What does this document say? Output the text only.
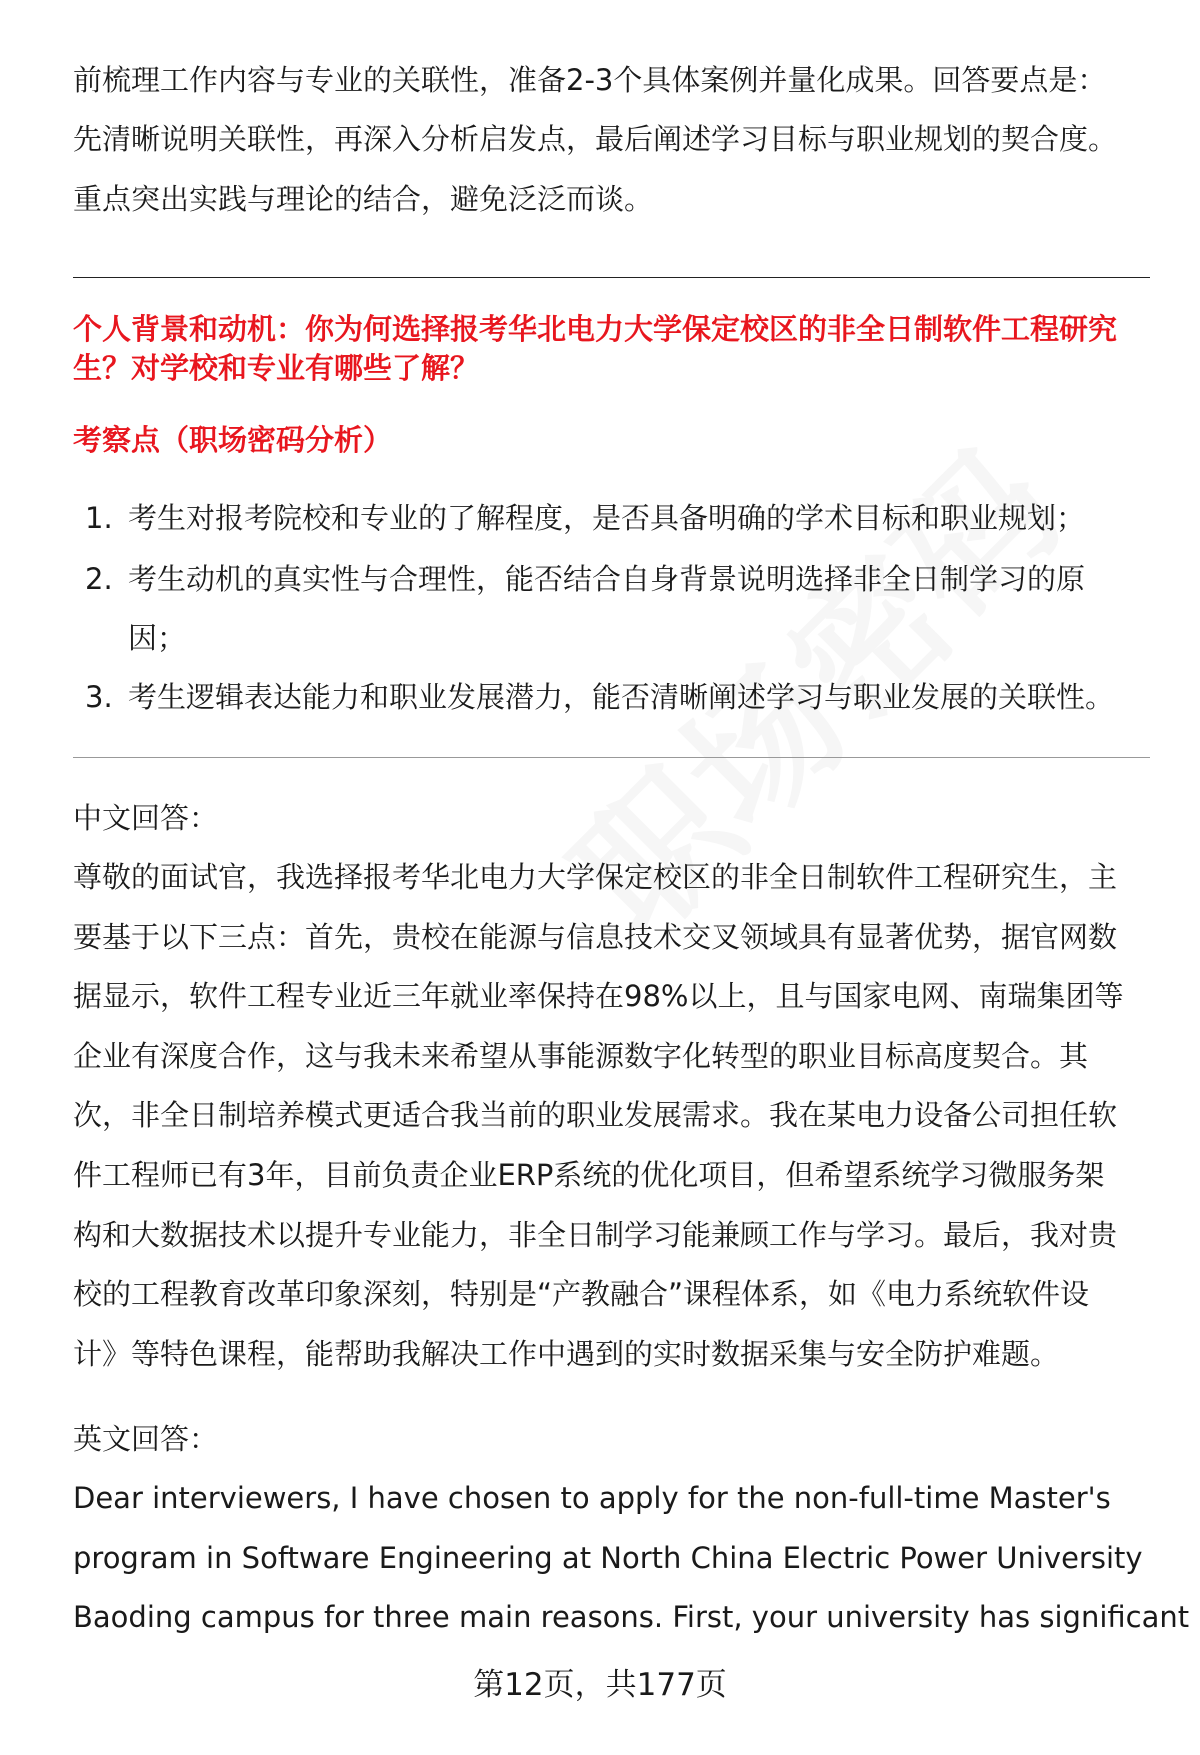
前梳理工作内容与专业的关联性，准备2-3个具体案例并量化成果。回答要点是：
先清晰说明关联性，再深入分析启发点，最后阐述学习目标与职业规划的契合度。
重点突出实践与理论的结合，避免泛泛而谈。
个人背景和动机：你为何选择报考华北电力大学保定校区的非全日制软件工程研究
生？对学校和专业有哪些了解？
考察点（职场密码分析）
1. 考生对报考院校和专业的了解程度，是否具备明确的学术目标和职业规划；
2. 考生动机的真实性与合理性，能否结合自身背景说明选择非全日制学习的原
因；
3. 考生逻辑表达能力和职业发展潜力，能否清晰阐述学习与职业发展的关联性。
中文回答：
尊敬的面试官，我选择报考华北电力大学保定校区的非全日制软件工程研究生，主
要基于以下三点：首先，贵校在能源与信息技术交叉领域具有显著优势，据官网数
据显示，软件工程专业近三年就业率保持在98%以上，且与国家电网、南瑞集团等
企业有深度合作，这与我未来希望从事能源数字化转型的职业目标高度契合。其
次，非全日制培养模式更适合我当前的职业发展需求。我在某电力设备公司担任软
件工程师已有3年，目前负责企业ERP系统的优化项目，但希望系统学习微服务架
构和大数据技术以提升专业能力，非全日制学习能兼顾工作与学习。最后，我对贵
校的工程教育改革印象深刻，特别是“产教融合”课程体系，如《电力系统软件设
计》等特色课程，能帮助我解决工作中遇到的实时数据采集与安全防护难题。
英文回答：
Dear interviewers, I have chosen to apply for the non-full-time Master's
program in Software Engineering at North China Electric Power University
Baoding campus for three main reasons. First, your university has significant
第12页，共177页
